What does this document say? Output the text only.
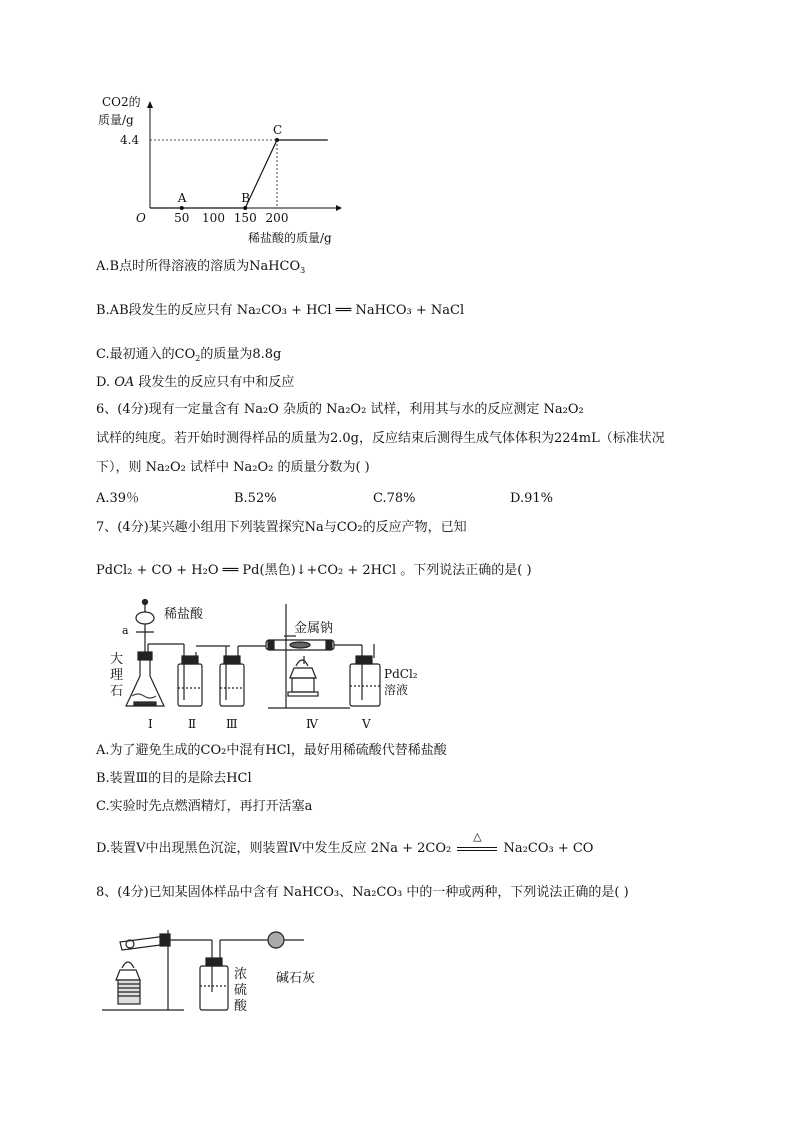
CO2的
质量/g
稀盐酸的质量/g
O
4.4
50 100 150 200
A	B
C
A.B点时所得溶液的溶质为NaHCO$_3$
B.AB段发生的反应只有 Na₂CO₃ + HCl ══ NaHCO₃ + NaCl
C.最初通入的$CO_2$的质量为8.8g
D. OA 段发生的反应只有中和反应
6、(4分)现有一定量含有 Na₂O 杂质的 Na₂O₂ 试样，利用其与水的反应测定 Na₂O₂
试样的纯度。若开始时测得样品的质量为2.0g，反应结束后测得生成气体体积为224mL（标准状况
下），则 Na₂O₂ 试样中 Na₂O₂ 的质量分数为( )
A.39％	B.52%	C.78%	D.91%
7、(4分)某兴趣小组用下列装置探究Na与CO₂的反应产物，已知
PdCl₂ + CO + H₂O ══ Pd(黑色)↓+CO₂ + 2HCl 。下列说法正确的是( )
稀盐酸
a	金属钠
PdCl₂
溶液
Ⅰ	Ⅱ Ⅲ	Ⅳ	Ⅴ
大理石
A.为了避免生成的CO₂中混有HCl，最好用稀硫酸代替稀盐酸
B.装置Ⅲ的目的是除去HCl
C.实验时先点燃酒精灯，再打开活塞a
D.装置Ⅴ中出现黑色沉淀，则装置Ⅳ中发生反应 2Na + 2CO₂
△
Na₂CO₃ + CO
8、(4分)已知某固体样品中含有 NaHCO₃、Na₂CO₃ 中的一种或两种，下列说法正确的是( )
浓
硫
酸
碱石灰
